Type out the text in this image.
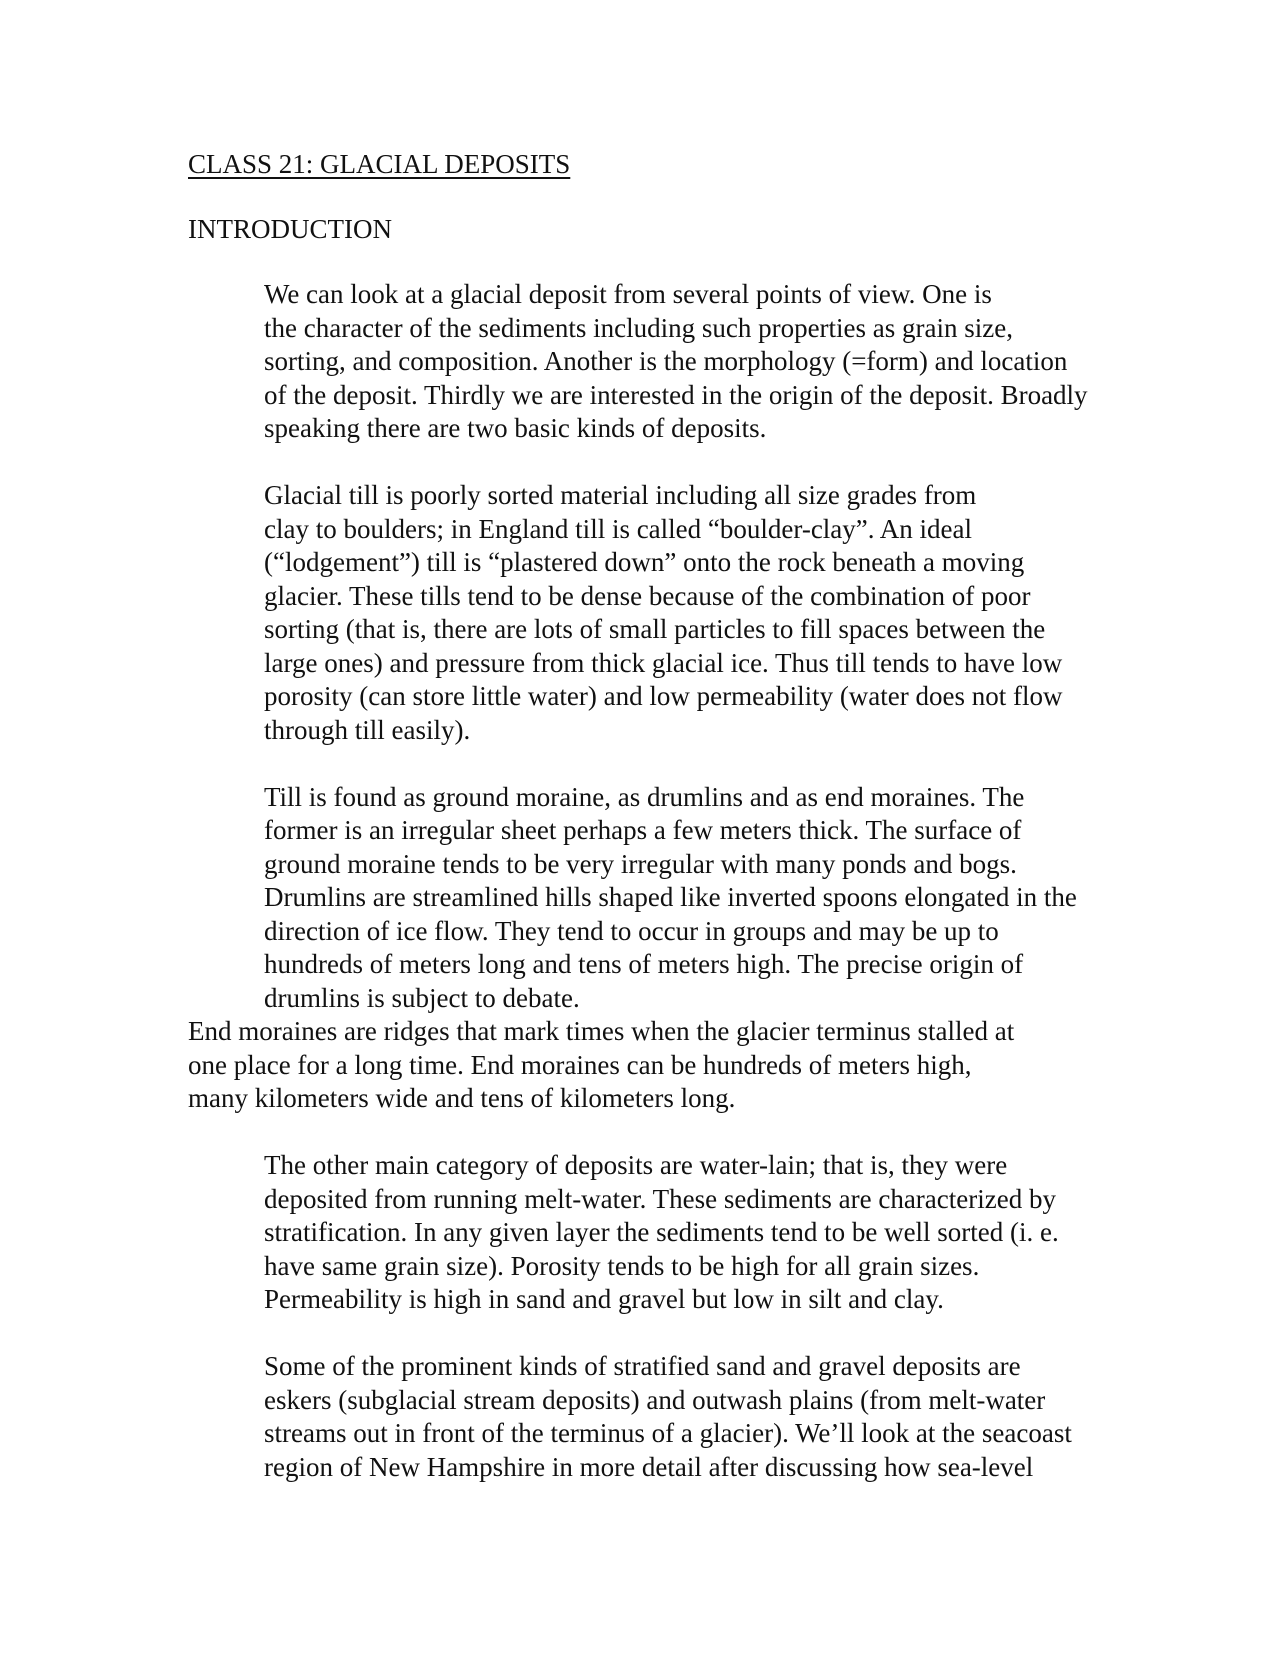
CLASS 21: GLACIAL DEPOSITS
INTRODUCTION
We can look at a glacial deposit from several points of view. One is
the character of the sediments including such properties as grain size,
sorting, and composition. Another is the morphology (=form) and location
of the deposit. Thirdly we are interested in the origin of the deposit. Broadly
speaking there are two basic kinds of deposits.
Glacial till is poorly sorted material including all size grades from
clay to boulders; in England till is called “boulder-clay”. An ideal
(“lodgement”) till is “plastered down” onto the rock beneath a moving
glacier. These tills tend to be dense because of the combination of poor
sorting (that is, there are lots of small particles to fill spaces between the
large ones) and pressure from thick glacial ice. Thus till tends to have low
porosity (can store little water) and low permeability (water does not flow
through till easily).
Till is found as ground moraine, as drumlins and as end moraines. The
former is an irregular sheet perhaps a few meters thick. The surface of
ground moraine tends to be very irregular with many ponds and bogs.
Drumlins are streamlined hills shaped like inverted spoons elongated in the
direction of ice flow. They tend to occur in groups and may be up to
hundreds of meters long and tens of meters high. The precise origin of
drumlins is subject to debate.
End moraines are ridges that mark times when the glacier terminus stalled at
one place for a long time. End moraines can be hundreds of meters high,
many kilometers wide and tens of kilometers long.
The other main category of deposits are water-lain; that is, they were
deposited from running melt-water. These sediments are characterized by
stratification. In any given layer the sediments tend to be well sorted (i. e.
have same grain size). Porosity tends to be high for all grain sizes.
Permeability is high in sand and gravel but low in silt and clay.
Some of the prominent kinds of stratified sand and gravel deposits are
eskers (subglacial stream deposits) and outwash plains (from melt-water
streams out in front of the terminus of a glacier). We’ll look at the seacoast
region of New Hampshire in more detail after discussing how sea-level
